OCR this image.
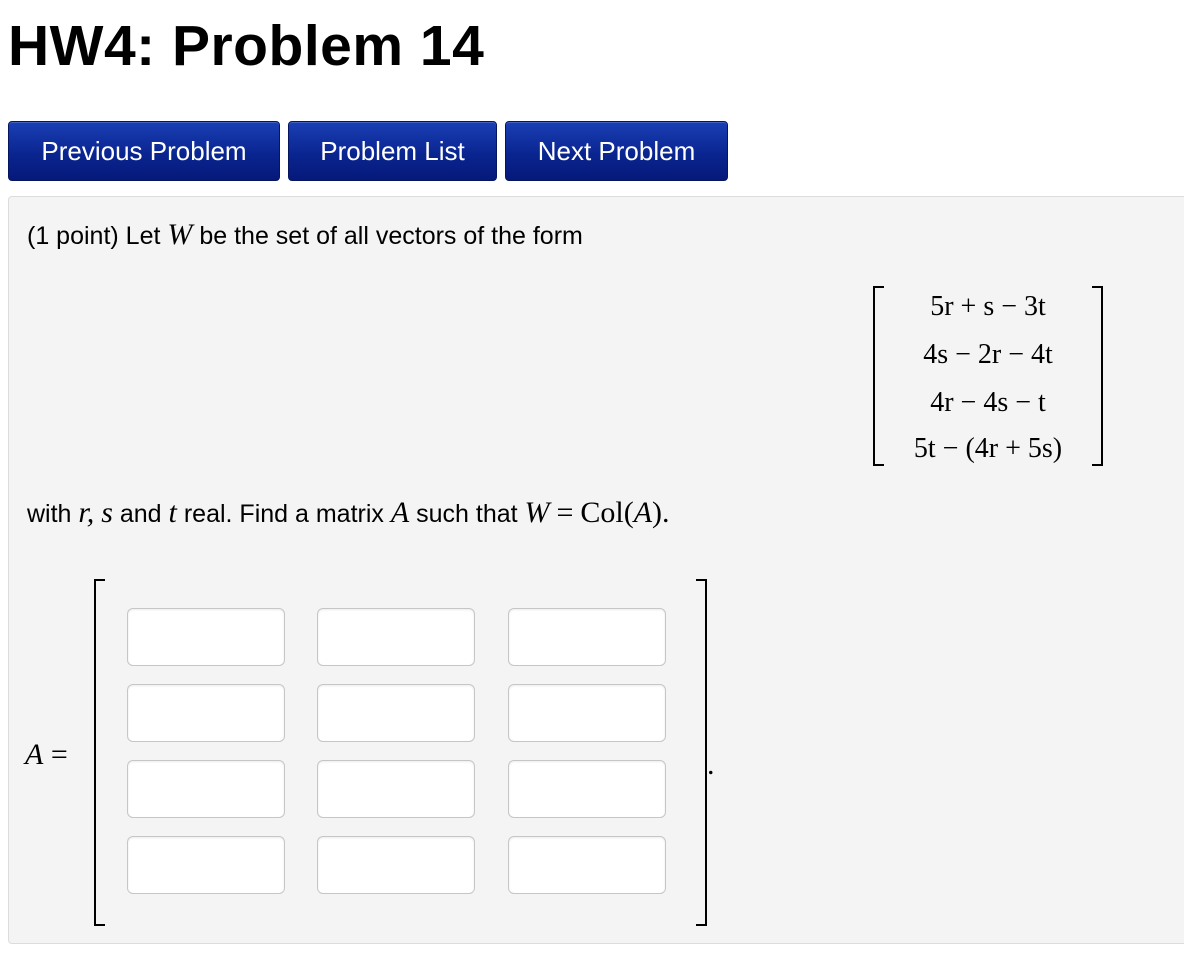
HW4: Problem 14
Previous Problem	Problem List	Next Problem
(1 point) Let W be the set of all vectors of the form
5r + s − 3t
4s − 2r − 4t
4r − 4s − t
5t − (4r + 5s)
with r, s and t real. Find a matrix A such that W = Col(A).
A =	.
